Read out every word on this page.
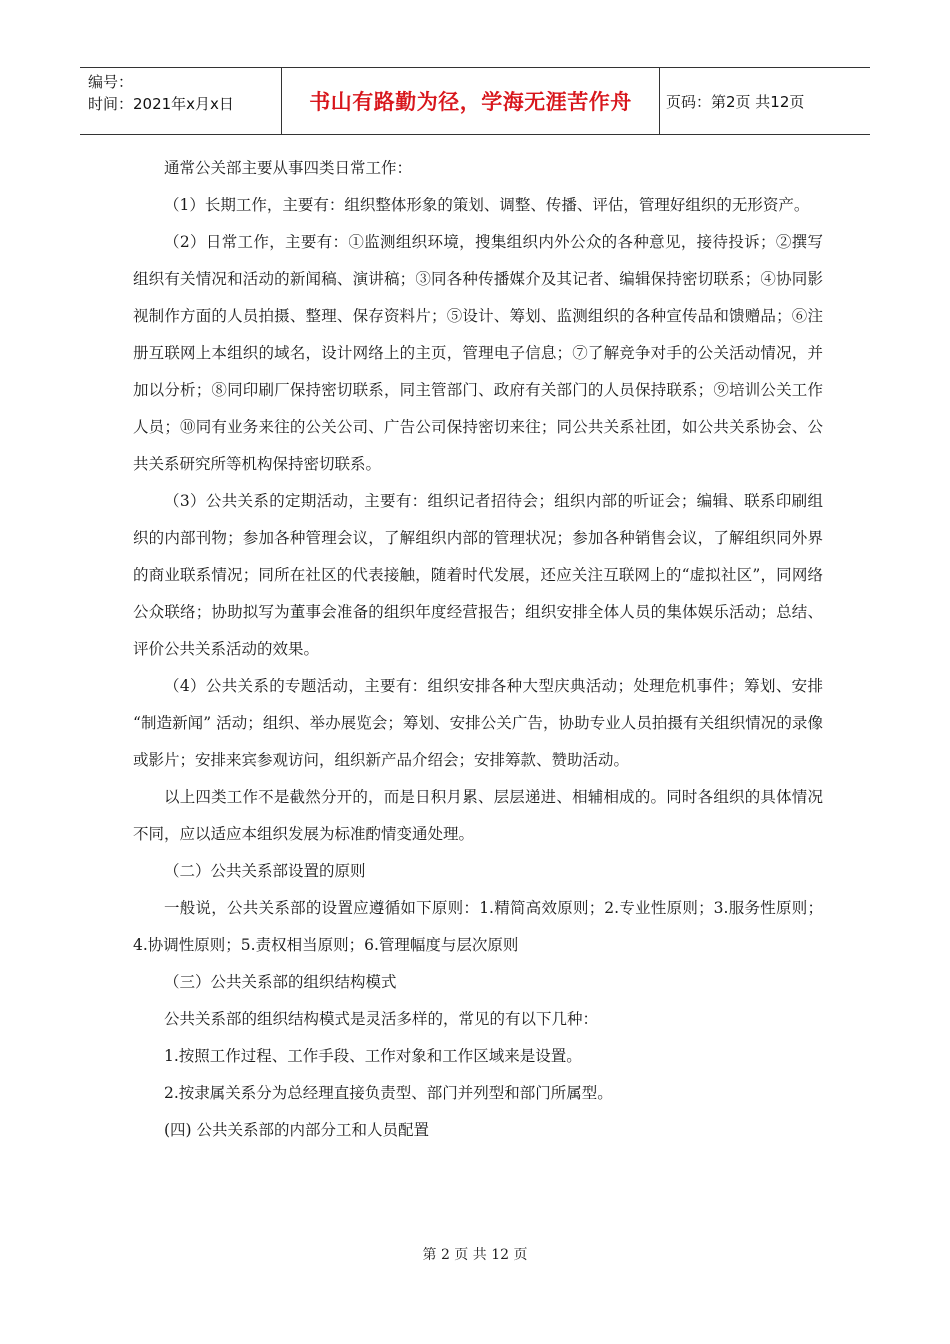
编号：
时间：2021年x月x日	书山有路勤为径，学海无涯苦作舟	页码：第2页 共12页

通常公关部主要从事四类日常工作：

（1）长期工作，主要有：组织整体形象的策划、调整、传播、评估，管理好组织的无形资产。

（2）日常工作，主要有：①监测组织环境，搜集组织内外公众的各种意见，接待投诉；②撰写组织有关情况和活动的新闻稿、演讲稿；③同各种传播媒介及其记者、编辑保持密切联系；④协同影视制作方面的人员拍摄、整理、保存资料片；⑤设计、筹划、监测组织的各种宣传品和馈赠品；⑥注册互联网上本组织的域名，设计网络上的主页，管理电子信息；⑦了解竞争对手的公关活动情况，并加以分析；⑧同印刷厂保持密切联系，同主管部门、政府有关部门的人员保持联系；⑨培训公关工作人员；⑩同有业务来往的公关公司、广告公司保持密切来往；同公共关系社团，如公共关系协会、公共关系研究所等机构保持密切联系。

（3）公共关系的定期活动，主要有：组织记者招待会；组织内部的听证会；编辑、联系印刷组织的内部刊物；参加各种管理会议，了解组织内部的管理状况；参加各种销售会议，了解组织同外界的商业联系情况；同所在社区的代表接触，随着时代发展，还应关注互联网上的“虚拟社区”，同网络公众联络；协助拟写为董事会准备的组织年度经营报告；组织安排全体人员的集体娱乐活动；总结、评价公共关系活动的效果。

（4）公共关系的专题活动，主要有：组织安排各种大型庆典活动；处理危机事件；筹划、安排 “制造新闻” 活动；组织、举办展览会；筹划、安排公关广告，协助专业人员拍摄有关组织情况的录像或影片；安排来宾参观访问，组织新产品介绍会；安排筹款、赞助活动。

以上四类工作不是截然分开的，而是日积月累、层层递进、相辅相成的。同时各组织的具体情况不同，应以适应本组织发展为标准酌情变通处理。

（二）公共关系部设置的原则

一般说，公共关系部的设置应遵循如下原则：1.精简高效原则；2.专业性原则；3.服务性原则；4.协调性原则；5.责权相当原则；6.管理幅度与层次原则

（三）公共关系部的组织结构模式

公共关系部的组织结构模式是灵活多样的，常见的有以下几种：

1.按照工作过程、工作手段、工作对象和工作区域来是设置。

2.按隶属关系分为总经理直接负责型、部门并列型和部门所属型。

(四) 公共关系部的内部分工和人员配置

第 2 页 共 12 页
